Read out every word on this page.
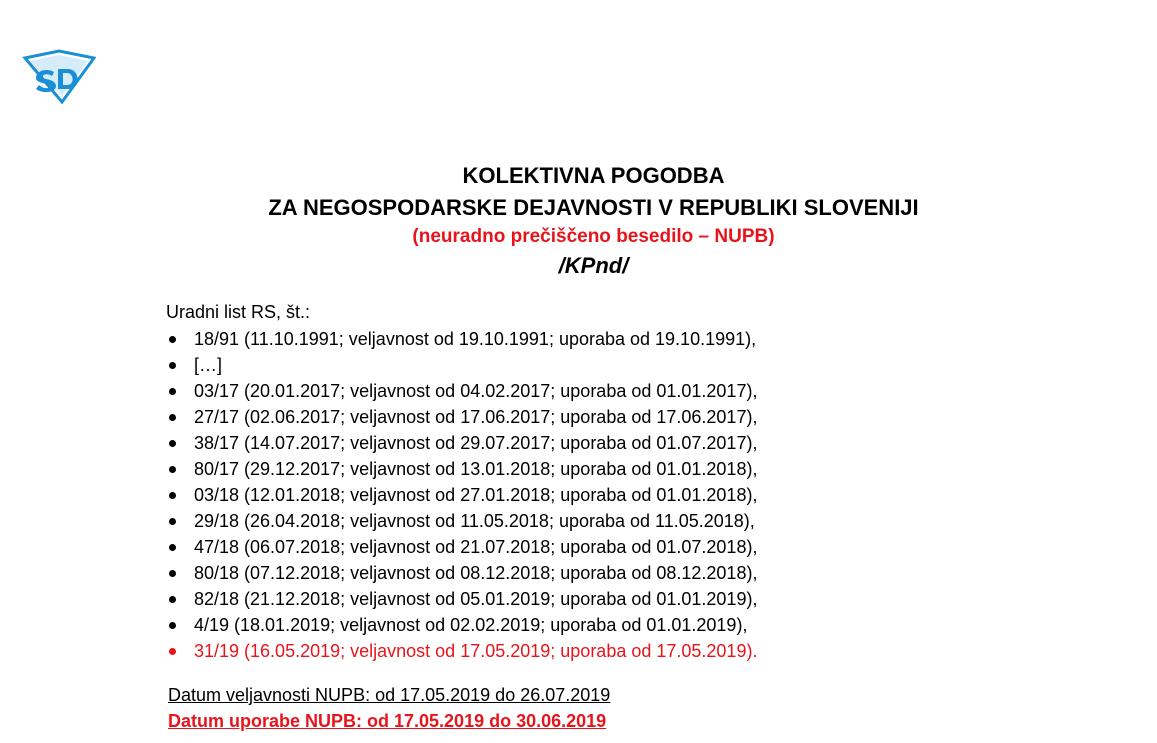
KOLEKTIVNA POGODBA
ZA NEGOSPODARSKE DEJAVNOSTI V REPUBLIKI SLOVENIJI
(neuradno prečiščeno besedilo – NUPB)
/KPnd/
Uradni list RS, št.:
18/91 (11.10.1991; veljavnost od 19.10.1991; uporaba od 19.10.1991),
[…]
03/17 (20.01.2017; veljavnost od 04.02.2017; uporaba od 01.01.2017),
27/17 (02.06.2017; veljavnost od 17.06.2017; uporaba od 17.06.2017),
38/17 (14.07.2017; veljavnost od 29.07.2017; uporaba od 01.07.2017),
80/17 (29.12.2017; veljavnost od 13.01.2018; uporaba od 01.01.2018),
03/18 (12.01.2018; veljavnost od 27.01.2018; uporaba od 01.01.2018),
29/18 (26.04.2018; veljavnost od 11.05.2018; uporaba od 11.05.2018),
47/18 (06.07.2018; veljavnost od 21.07.2018; uporaba od 01.07.2018),
80/18 (07.12.2018; veljavnost od 08.12.2018; uporaba od 08.12.2018),
82/18 (21.12.2018; veljavnost od 05.01.2019; uporaba od 01.01.2019),
4/19 (18.01.2019; veljavnost od 02.02.2019; uporaba od 01.01.2019),
31/19 (16.05.2019; veljavnost od 17.05.2019; uporaba od 17.05.2019).
Datum veljavnosti NUPB: od 17.05.2019 do 26.07.2019
Datum uporabe NUPB: od 17.05.2019 do 30.06.2019
